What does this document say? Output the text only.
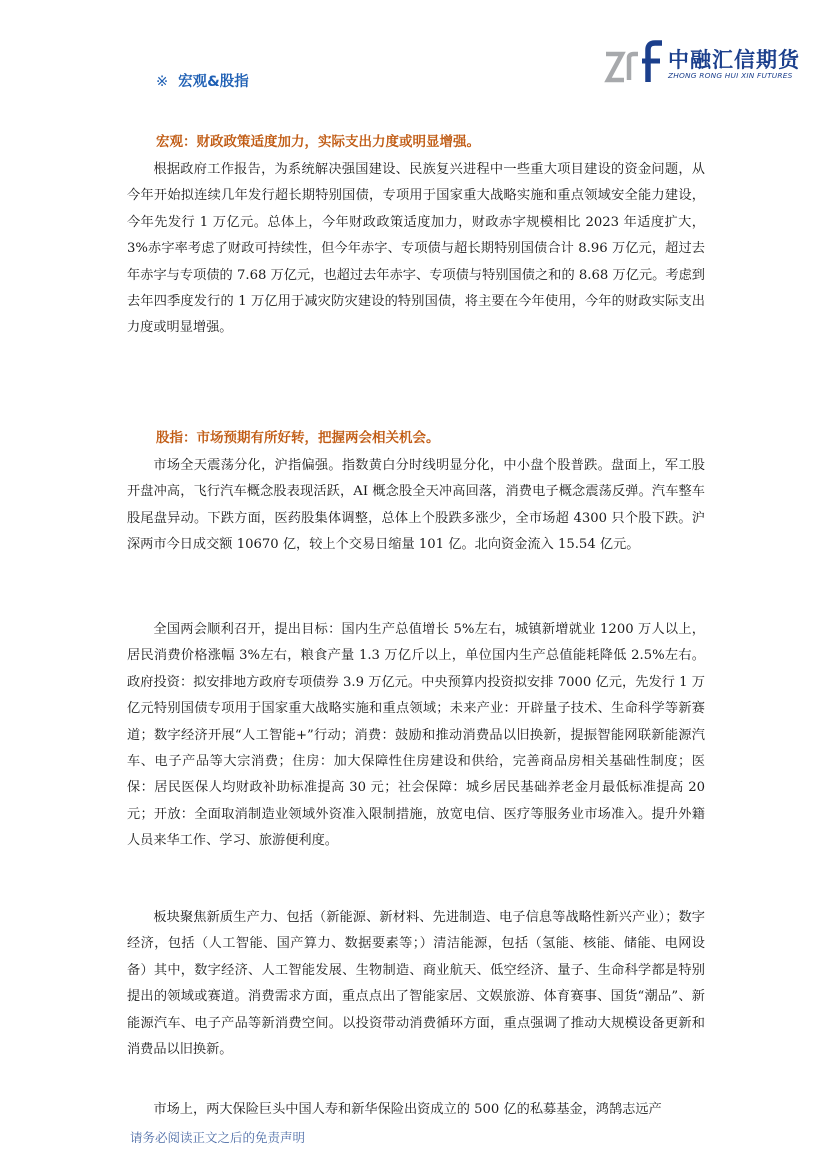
中融汇信期货
ZHONG RONG HUI XIN FUTURES
※ 宏观&股指
宏观：财政政策适度加力，实际支出力度或明显增强。

根据政府工作报告，为系统解决强国建设、民族复兴进程中一些重大项目建设的资金问题，从今年开始拟连续几年发行超长期特别国债，专项用于国家重大战略实施和重点领域安全能力建设，今年先发行 1 万亿元。总体上，今年财政政策适度加力，财政赤字规模相比 2023 年适度扩大，3%赤字率考虑了财政可持续性，但今年赤字、专项债与超长期特别国债合计 8.96 万亿元，超过去年赤字与专项债的 7.68 万亿元，也超过去年赤字、专项债与特别国债之和的 8.68 万亿元。考虑到去年四季度发行的 1 万亿用于减灾防灾建设的特别国债，将主要在今年使用，今年的财政实际支出力度或明显增强。

股指：市场预期有所好转，把握两会相关机会。

市场全天震荡分化，沪指偏强。指数黄白分时线明显分化，中小盘个股普跌。盘面上，军工股开盘冲高，飞行汽车概念股表现活跃，AI 概念股全天冲高回落，消费电子概念震荡反弹。汽车整车股尾盘异动。下跌方面，医药股集体调整，总体上个股跌多涨少，全市场超 4300 只个股下跌。沪深两市今日成交额 10670 亿，较上个交易日缩量 101 亿。北向资金流入 15.54 亿元。

全国两会顺利召开，提出目标：国内生产总值增长 5%左右，城镇新增就业 1200 万人以上，居民消费价格涨幅 3%左右，粮食产量 1.3 万亿斤以上，单位国内生产总值能耗降低 2.5%左右。政府投资：拟安排地方政府专项债券 3.9 万亿元。中央预算内投资拟安排 7000 亿元，先发行 1 万亿元特别国债专项用于国家重大战略实施和重点领域；未来产业：开辟量子技术、生命科学等新赛道；数字经济开展“人工智能+”行动；消费：鼓励和推动消费品以旧换新，提振智能网联新能源汽车、电子产品等大宗消费；住房：加大保障性住房建设和供给，完善商品房相关基础性制度；医保：居民医保人均财政补助标准提高 30 元；社会保障：城乡居民基础养老金月最低标准提高 20 元；开放：全面取消制造业领域外资准入限制措施，放宽电信、医疗等服务业市场准入。提升外籍人员来华工作、学习、旅游便利度。

板块聚焦新质生产力、包括（新能源、新材料、先进制造、电子信息等战略性新兴产业）；数字经济，包括（人工智能、国产算力、数据要素等；）清洁能源，包括（氢能、核能、储能、电网设备）其中，数字经济、人工智能发展、生物制造、商业航天、低空经济、量子、生命科学都是特别提出的领域或赛道。消费需求方面，重点点出了智能家居、文娱旅游、体育赛事、国货“潮品”、新能源汽车、电子产品等新消费空间。以投资带动消费循环方面，重点强调了推动大规模设备更新和消费品以旧换新。

市场上，两大保险巨头中国人寿和新华保险出资成立的 500 亿的私募基金，鸿鹄志远产

请务必阅读正文之后的免责声明
